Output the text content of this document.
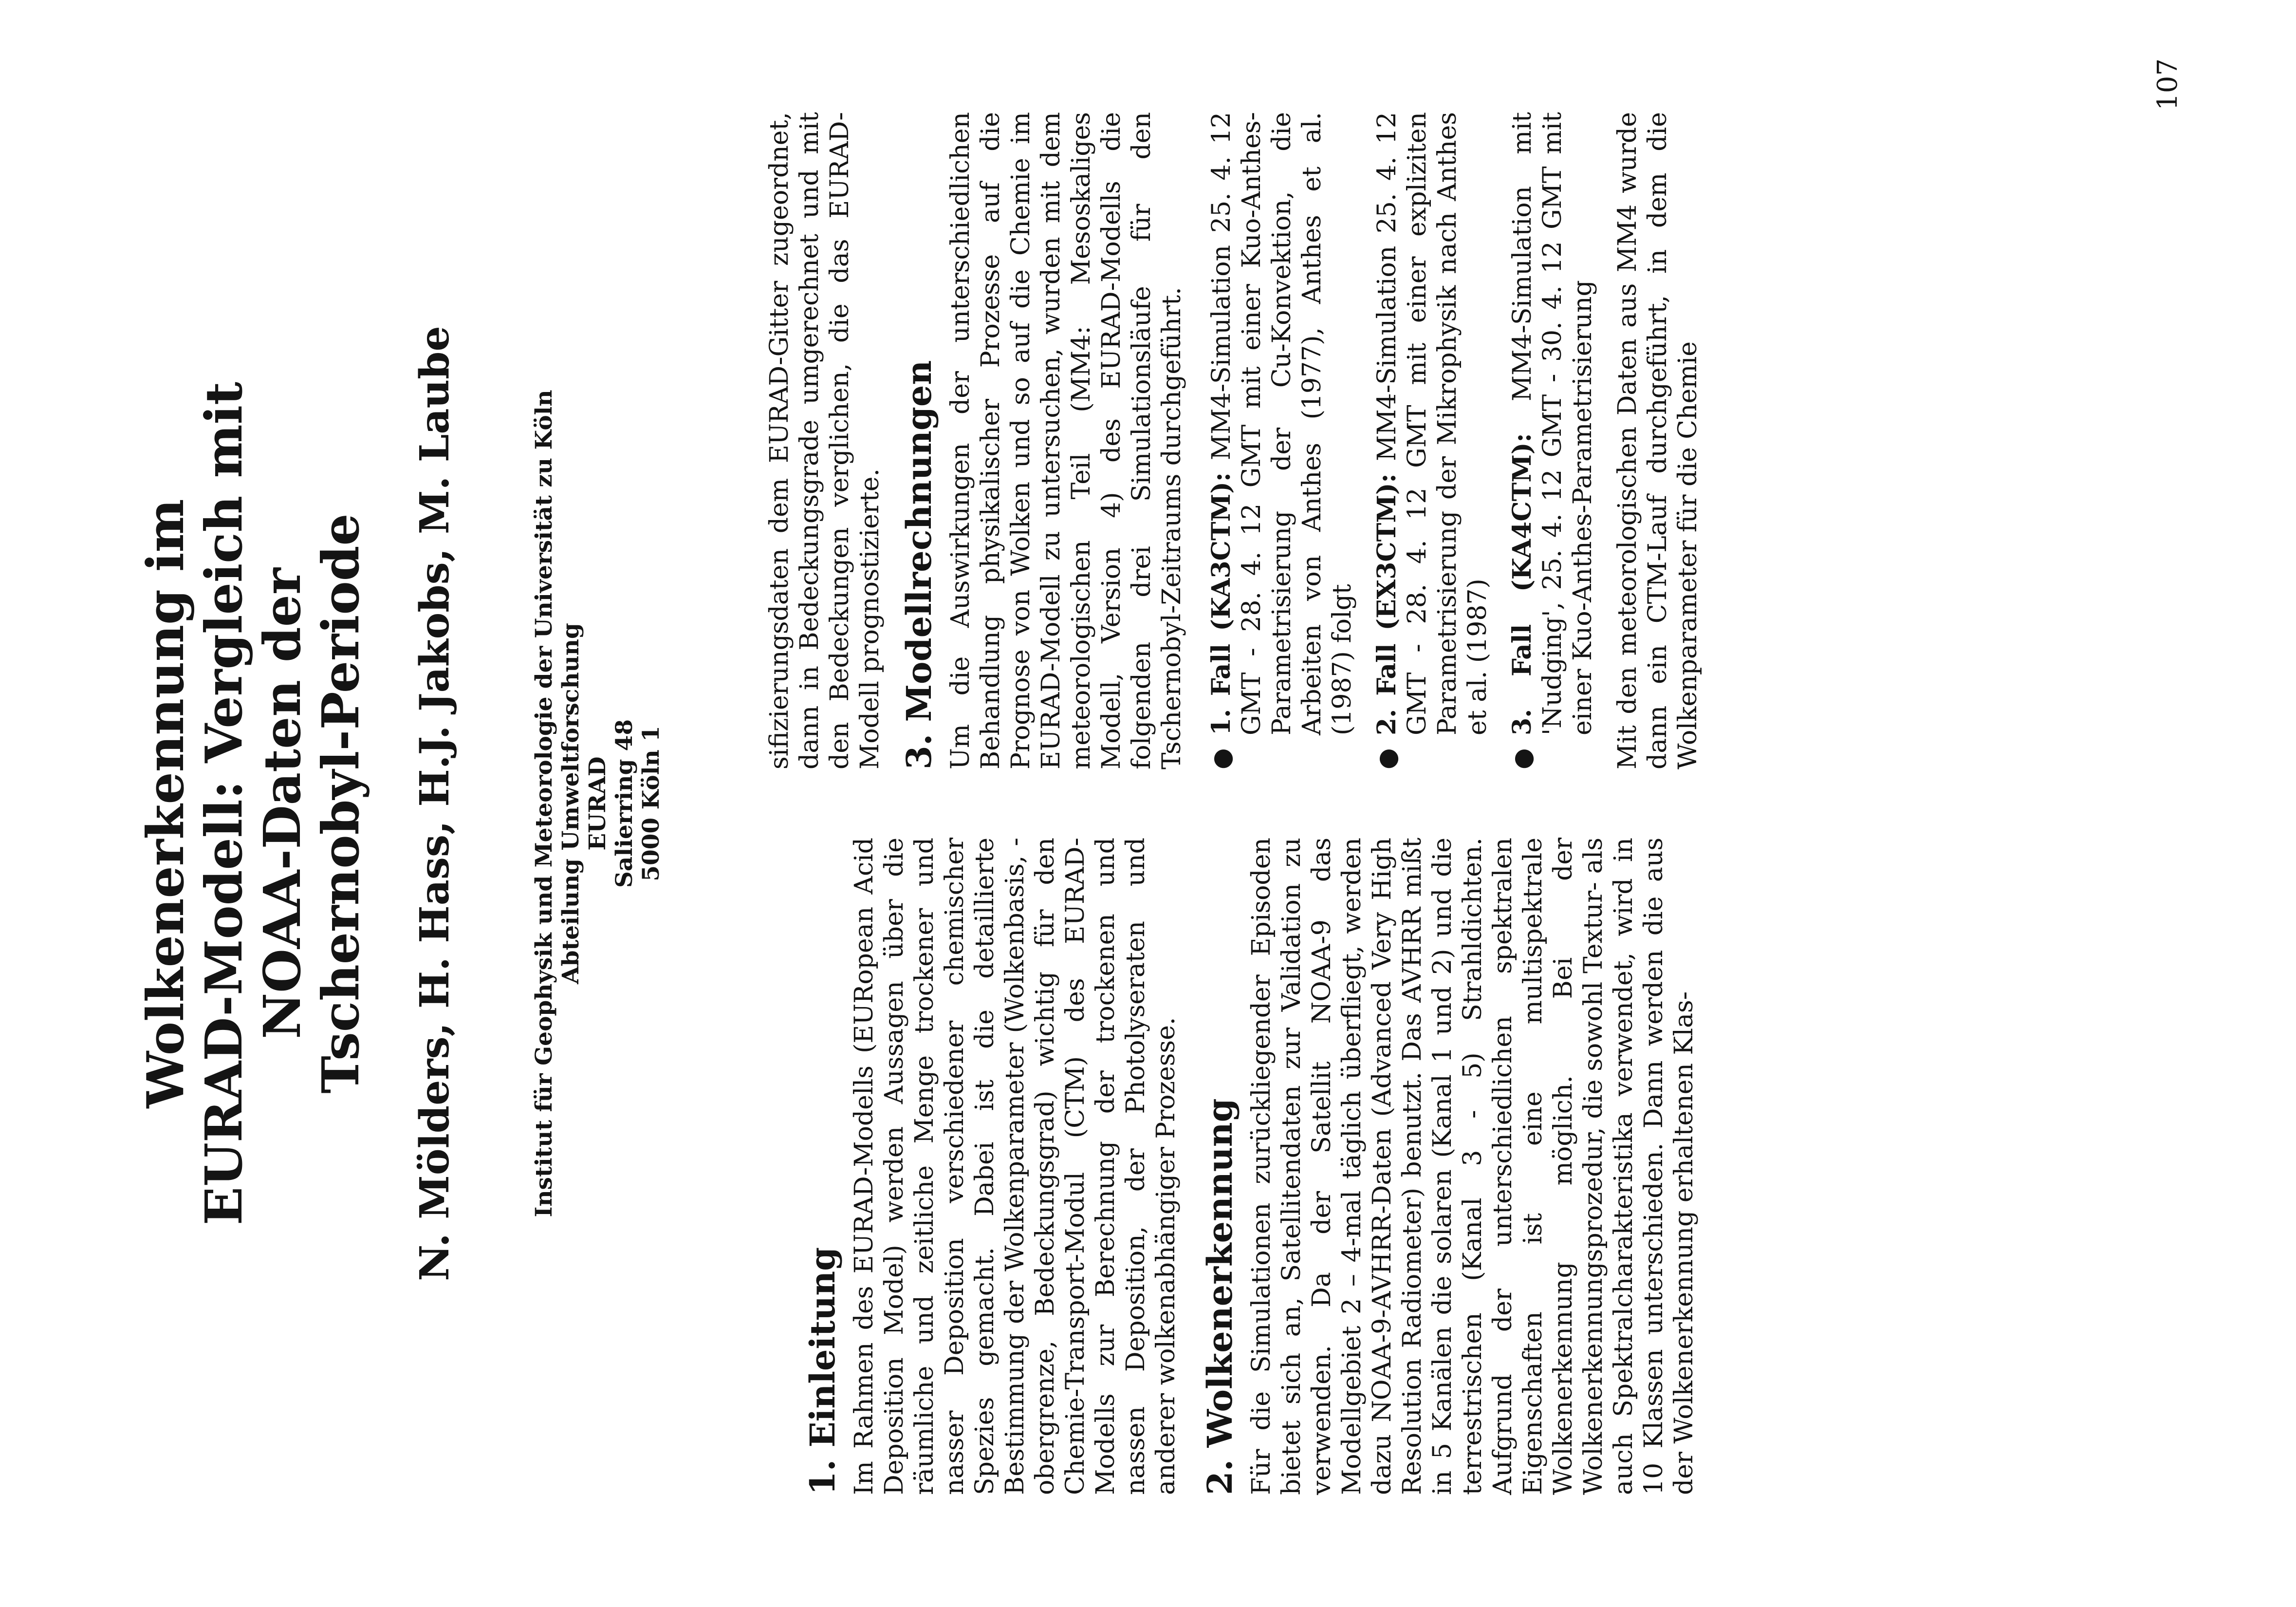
Wolkenerkennung im
EURAD-Modell: Vergleich mit
NOAA-Daten der
Tschernobyl-Periode N. Mölders, H. Hass, H.J. Jakobs, M. Laube	Institut für Geophysik und Meteorologie der Universität zu Köln Abteilung Umweltforschung EURAD Salierring 48 5000 Köln 1
1. Einleitung Im Rahmen des EURAD-Modells (EURopean Acid Deposition Model) werden Aussagen über die räumliche und zeitliche Menge trockener und nasser Deposition verschiedener chemischer Spezies gemacht. Dabei ist die detaillierte Bestimmung der Wolkenparameter (Wolkenbasis, -obergrenze, Bedeckungsgrad) wichtig für den Chemie-Transport-Modul (CTM) des EURAD-Modells zur Berechnung der trockenen und nassen Deposition, der Photolyseraten und anderer wolkenabhängiger Prozesse. 2. Wolkenerkennung Für die Simulationen zurückliegender Episoden bietet sich an, Satellitendaten zur Validation zu verwenden. Da der Satellit NOAA-9 das Modellgebiet 2 – 4-mal täglich überfliegt, werden dazu NOAA-9-AVHRR-Daten (Advanced Very High Resolution Radiometer) benutzt. Das AVHRR mißt in 5 Kanälen die solaren (Kanal 1 und 2) und die terrestrischen (Kanal 3 - 5) Strahldichten. Aufgrund der unterschiedlichen spektralen Eigenschaften ist eine multispektrale Wolkenerkennung möglich. Bei der Wolkenerkennungsprozedur, die sowohl Textur- als auch Spektralcharakteristika verwendet, wird in 10 Klassen unterschieden. Dann werden die aus der Wolkenerkennung erhaltenen Klas-

sifizierungsdaten dem EURAD-Gitter zugeordnet, dann in Bedeckungsgrade umgerechnet und mit den Bedeckungen verglichen, die das EURAD-Modell prognostizierte. 3. Modellrechnungen Um die Auswirkungen der unterschiedlichen Behandlung physikalischer Prozesse auf die Prognose von Wolken und so auf die Chemie im EURAD-Modell zu untersuchen, wurden mit dem meteorologischen Teil (MM4: Mesoskaliges Modell, Version 4) des EURAD-Modells die folgenden drei Simulationsläufe für den Tschernobyl-Zeitraums durchgeführt. ●
1. Fall (KA3CTM): MM4-Simulation 25. 4. 12 GMT - 28. 4. 12 GMT mit einer Kuo-Anthes-Parametrisierung der Cu-Konvektion, die Arbeiten von Anthes (1977), Anthes et al. (1987) folgt
●
2. Fall (EX3CTM): MM4-Simulation 25. 4. 12 GMT - 28. 4. 12 GMT mit einer expliziten Parametrisierung der Mikrophysik nach Anthes et al. (1987)
●
3. Fall (KA4CTM): MM4-Simulation mit 'Nudging', 25. 4. 12 GMT - 30. 4. 12 GMT mit einer Kuo-Anthes-Parametrisierung Mit den meteorologischen Daten aus MM4 wurde dann ein CTM-Lauf durchgeführt, in dem die Wolkenparameter für die Chemie

107
